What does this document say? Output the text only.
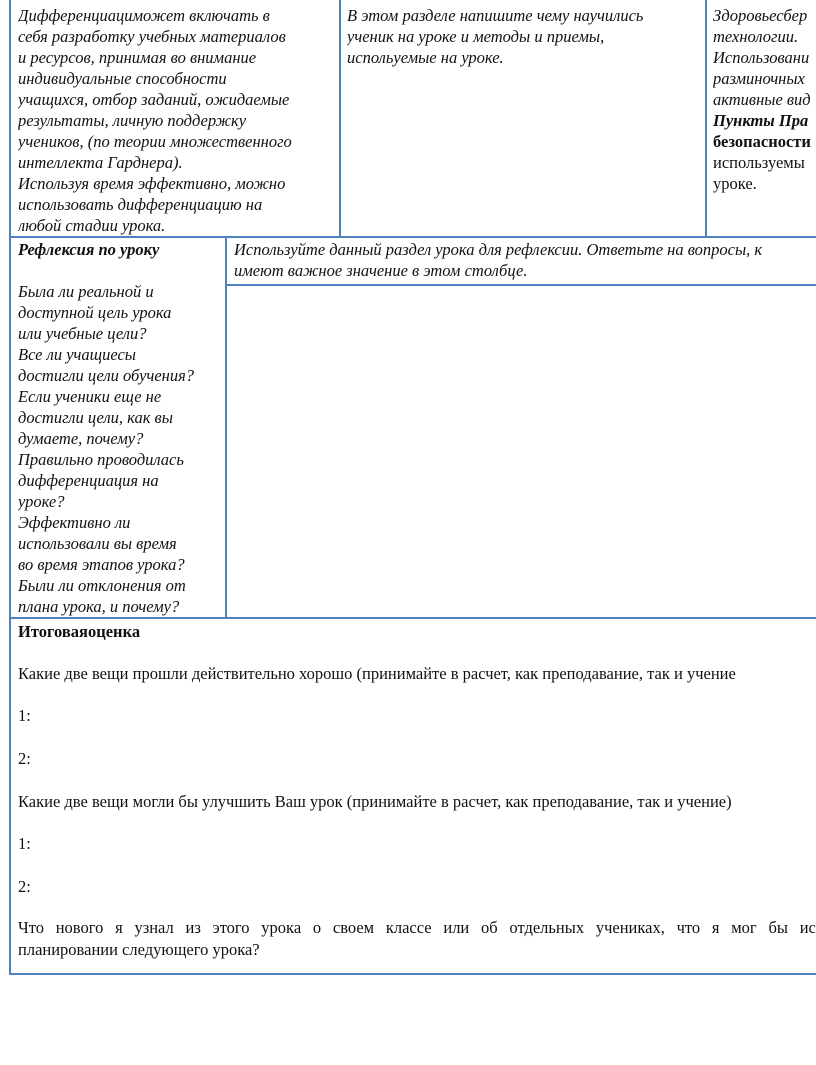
Дифференциациможет включать в
себя разработку учебных материалов
и ресурсов, принимая во внимание
индивидуальные способности
учащихся, отбор заданий, ожидаемые
результаты, личную поддержку
учеников, (по теории множественного
интеллекта Гарднера).
Используя время эффективно, можно
использовать дифференциацию на
любой стадии урока.
В этом разделе напишите чему научились
ученик на уроке и методы и приемы,
испольуемые на уроке.
Здоровьесбер
технологии.
Использовани
разминочных
активные вид
Пункты Пра
безопасности
используемы
уроке.
Рефлексия по уроку
Была ли реальной и
доступной цель урока
или учебные цели?
Все ли учащиесы
достигли цели обучения?
Если ученики еще не
достигли цели, как вы
думаете, почему?
Правильно проводилась
дифференциация на
уроке?
Эффективно ли
использовали вы время
во время этапов урока?
Были ли отклонения от
плана урока, и почему?
Используйте данный раздел урока для рефлексии. Ответьте на вопросы, к
имеют важное значение в этом столбце.
Итоговаяоценка
Какие две вещи прошли действительно хорошо (принимайте в расчет, как преподавание, так и учение
1:
2:
Какие две вещи могли бы улучшить Ваш урок (принимайте в расчет, как преподавание, так и учение)
1:
2:
Что нового я узнал из этого урока о своем классе или об отдельных учениках, что я мог бы ис
планировании следующего урока?
